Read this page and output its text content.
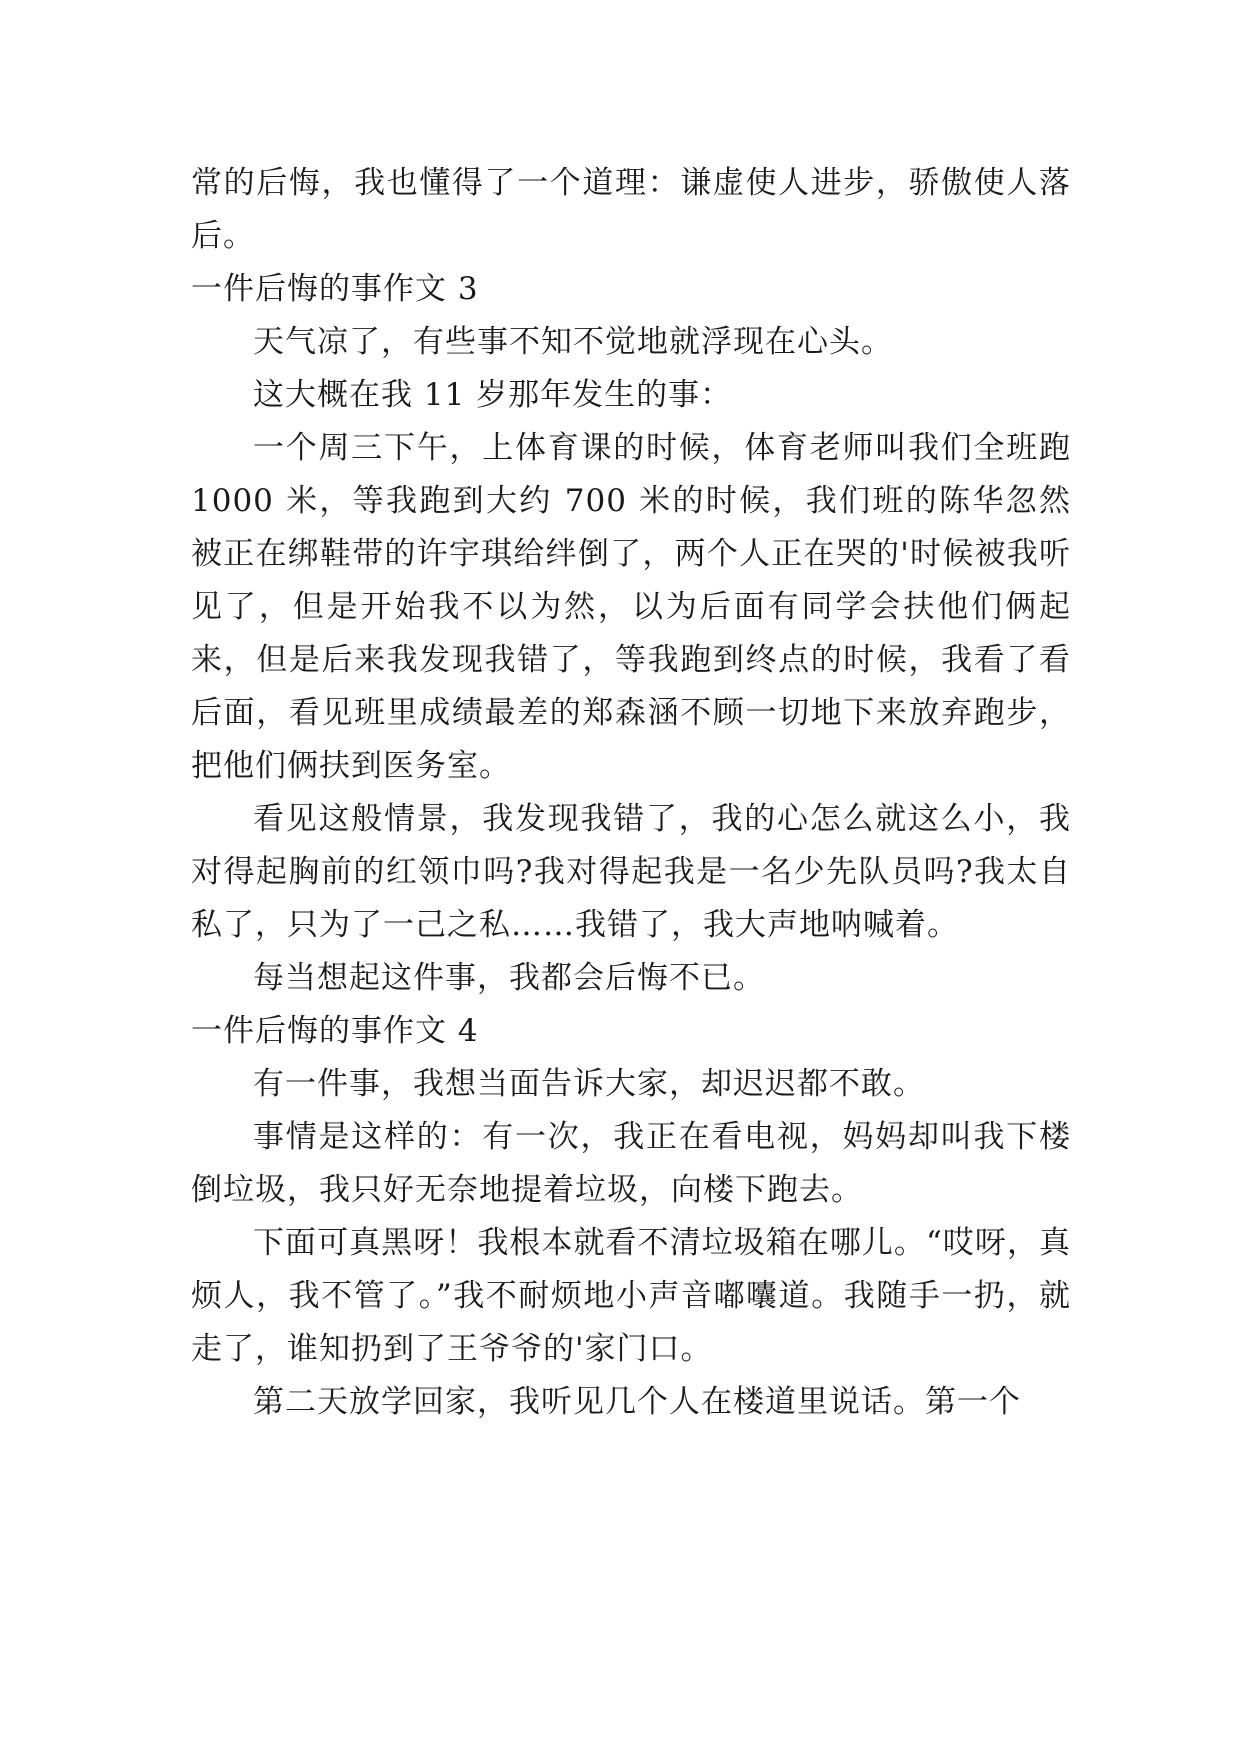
常的后悔，我也懂得了一个道理：谦虚使人进步，骄傲使人落后。

一件后悔的事作文 3

天气凉了，有些事不知不觉地就浮现在心头。

这大概在我 11 岁那年发生的事：

一个周三下午，上体育课的时候，体育老师叫我们全班跑 1000 米，等我跑到大约 700 米的时候，我们班的陈华忽然被正在绑鞋带的许宇琪给绊倒了，两个人正在哭的'时候被我听见了，但是开始我不以为然，以为后面有同学会扶他们俩起来，但是后来我发现我错了，等我跑到终点的时候，我看了看后面，看见班里成绩最差的郑森涵不顾一切地下来放弃跑步，把他们俩扶到医务室。

看见这般情景，我发现我错了，我的心怎么就这么小，我对得起胸前的红领巾吗?我对得起我是一名少先队员吗?我太自私了，只为了一己之私……我错了，我大声地呐喊着。

每当想起这件事，我都会后悔不已。

一件后悔的事作文 4

有一件事，我想当面告诉大家，却迟迟都不敢。

事情是这样的：有一次，我正在看电视，妈妈却叫我下楼倒垃圾，我只好无奈地提着垃圾，向楼下跑去。

下面可真黑呀！我根本就看不清垃圾箱在哪儿。“哎呀，真烦人，我不管了。”我不耐烦地小声音嘟囔道。我随手一扔，就走了，谁知扔到了王爷爷的'家门口。

第二天放学回家，我听见几个人在楼道里说话。第一个
